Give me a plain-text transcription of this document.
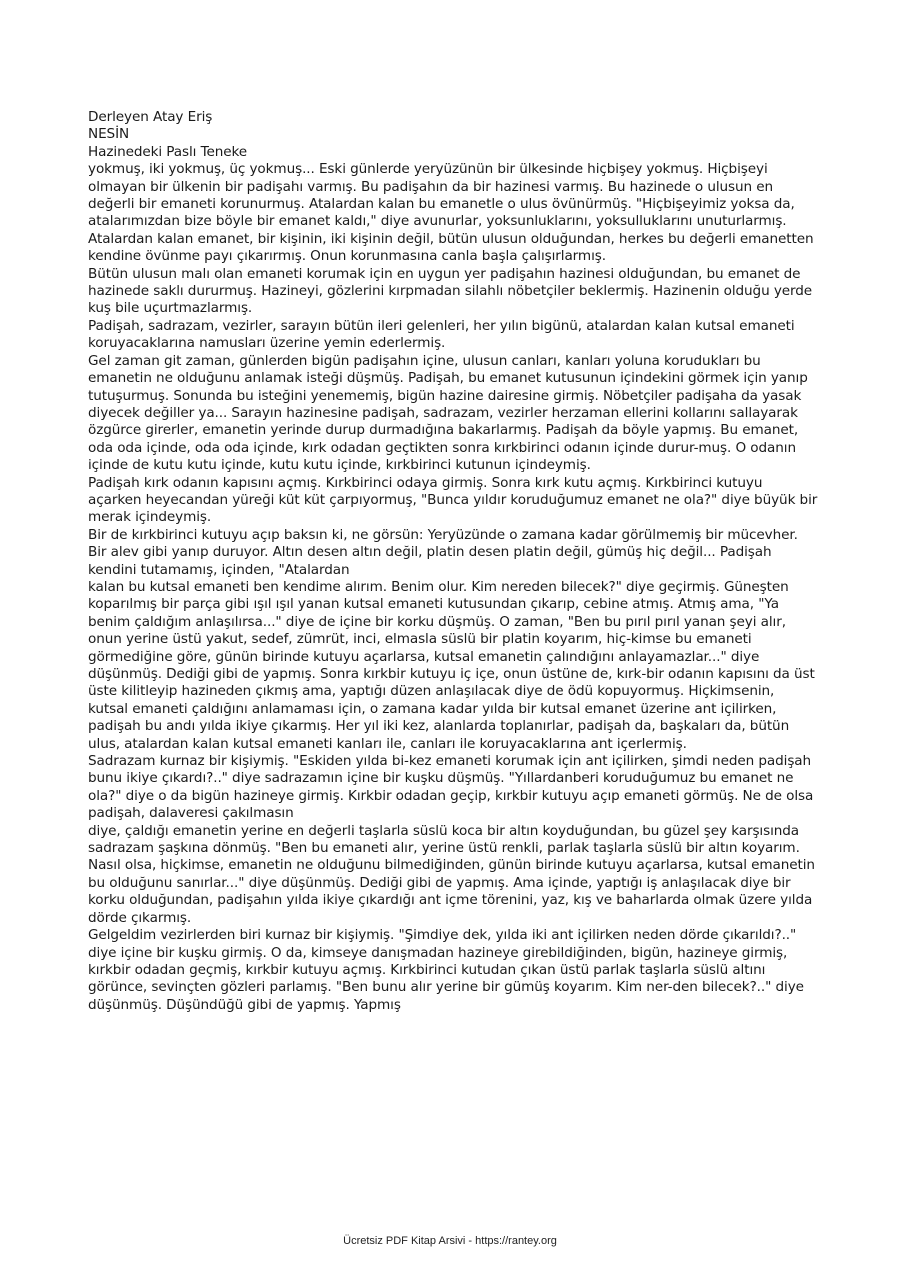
Derleyen Atay Eriş
NESİN
Hazinedeki Paslı Teneke

yokmuş, iki yokmuş, üç yokmuş... Eski günlerde yeryüzünün bir ülkesinde hiçbişey yokmuş. Hiçbişeyi olmayan bir ülkenin bir padişahı varmış. Bu padişahın da bir hazinesi varmış. Bu hazinede o ulusun en değerli bir emaneti korunurmuş. Atalardan kalan bu emanetle o ulus övünürmüş. "Hiçbişeyimiz yoksa da, atalarımızdan bize böyle bir emanet kaldı," diye avunurlar, yoksunluklarını, yoksulluklarını unuturlarmış.

Atalardan kalan emanet, bir kişinin, iki kişinin değil, bütün ulusun olduğundan, herkes bu değerli emanetten kendine övünme payı çıkarırmış. Onun korunmasına canla başla çalışırlarmış.

Bütün ulusun malı olan emaneti korumak için en uygun yer padişahın hazinesi olduğundan, bu emanet de hazinede saklı dururmuş. Hazineyi, gözlerini kırpmadan silahlı nöbetçiler beklermiş. Hazinenin olduğu yerde kuş bile uçurtmazlarmış.

Padişah, sadrazam, vezirler, sarayın bütün ileri gelenleri, her yılın bigünü, atalardan kalan kutsal emaneti koruyacaklarına namusları üzerine yemin ederlermiş.

Gel zaman git zaman, günlerden bigün padişahın içine, ulusun canları, kanları yoluna korudukları bu emanetin ne olduğunu anlamak isteği düşmüş. Padişah, bu emanet kutusunun içindekini görmek için yanıp tutuşurmuş. Sonunda bu isteğini yenememiş, bigün hazine dairesine girmiş. Nöbetçiler padişaha da yasak diyecek değiller ya... Sarayın hazinesine padişah, sadrazam, vezirler herzaman ellerini kollarını sallayarak özgürce girerler, emanetin yerinde durup durmadığına bakarlarmış. Padişah da böyle yapmış. Bu emanet, oda oda içinde, oda oda içinde, kırk odadan geçtikten sonra kırkbirinci odanın içinde durur-muş. O odanın içinde de kutu kutu içinde, kutu kutu içinde, kırkbirinci kutunun içindeymiş.

Padişah kırk odanın kapısını açmış. Kırkbirinci odaya girmiş. Sonra kırk kutu açmış. Kırkbirinci kutuyu açarken heyecandan yüreği küt küt çarpıyormuş, "Bunca yıldır koruduğumuz emanet ne ola?" diye büyük bir merak içindeymiş.

Bir de kırkbirinci kutuyu açıp baksın ki, ne görsün: Yeryüzünde o zamana kadar görülmemiş bir mücevher. Bir alev gibi yanıp duruyor. Altın desen altın değil, platin desen platin değil, gümüş hiç değil... Padişah kendini tutamamış, içinden, "Atalardan

kalan bu kutsal emaneti ben kendime alırım. Benim olur. Kim nereden bilecek?" diye geçirmiş. Güneşten koparılmış bir parça gibi ışıl ışıl yanan kutsal emaneti kutusundan çıkarıp, cebine atmış. Atmış ama, "Ya benim çaldığım anlaşılırsa..." diye de içine bir korku düşmüş. O zaman, "Ben bu pırıl pırıl yanan şeyi alır, onun yerine üstü yakut, sedef, zümrüt, inci, elmasla süslü bir platin koyarım, hiç-kimse bu emaneti görmediğine göre, günün birinde kutuyu açarlarsa, kutsal emanetin çalındığını anlayamazlar..." diye düşünmüş. Dediği gibi de yapmış. Sonra kırkbir kutuyu iç içe, onun üstüne de, kırk-bir odanın kapısını da üst üste kilitleyip hazineden çıkmış ama, yaptığı düzen anlaşılacak diye de ödü kopuyormuş. Hiçkimsenin, kutsal emaneti çaldığını anlamaması için, o zamana kadar yılda bir kutsal emanet üzerine ant içilirken, padişah bu andı yılda ikiye çıkarmış. Her yıl iki kez, alanlarda toplanırlar, padişah da, başkaları da, bütün ulus, atalardan kalan kutsal emaneti kanları ile, canları ile koruyacaklarına ant içerlermiş.

Sadrazam kurnaz bir kişiymiş. "Eskiden yılda bi-kez emaneti korumak için ant içilirken, şimdi neden padişah bunu ikiye çıkardı?.." diye sadrazamın içine bir kuşku düşmüş. "Yıllardanberi koruduğumuz bu emanet ne ola?" diye o da bigün hazineye girmiş. Kırkbir odadan geçip, kırkbir kutuyu açıp emaneti görmüş. Ne de olsa padişah, dalaveresi çakılmasın

diye, çaldığı emanetin yerine en değerli taşlarla süslü koca bir altın koyduğundan, bu güzel şey karşısında sadrazam şaşkına dönmüş. "Ben bu emaneti alır, yerine üstü renkli, parlak taşlarla süslü bir altın koyarım. Nasıl olsa, hiçkimse, emanetin ne olduğunu bilmediğinden, günün birinde kutuyu açarlarsa, kutsal emanetin bu olduğunu sanırlar..." diye düşünmüş. Dediği gibi de yapmış. Ama içinde, yaptığı iş anlaşılacak diye bir korku olduğundan, padişahın yılda ikiye çıkardığı ant içme törenini, yaz, kış ve baharlarda olmak üzere yılda dörde çıkarmış.

Gelgeldim vezirlerden biri kurnaz bir kişiymiş. "Şimdiye dek, yılda iki ant içilirken neden dörde çıkarıldı?.." diye içine bir kuşku girmiş. O da, kimseye danışmadan hazineye girebildiğinden, bigün, hazineye girmiş, kırkbir odadan geçmiş, kırkbir kutuyu açmış. Kırkbirinci kutudan çıkan üstü parlak taşlarla süslü altını görünce, sevinçten gözleri parlamış. "Ben bunu alır yerine bir gümüş koyarım. Kim ner-den bilecek?.." diye düşünmüş. Düşündüğü gibi de yapmış. Yapmış

Ücretsiz PDF Kitap Arsivi - https://rantey.org
